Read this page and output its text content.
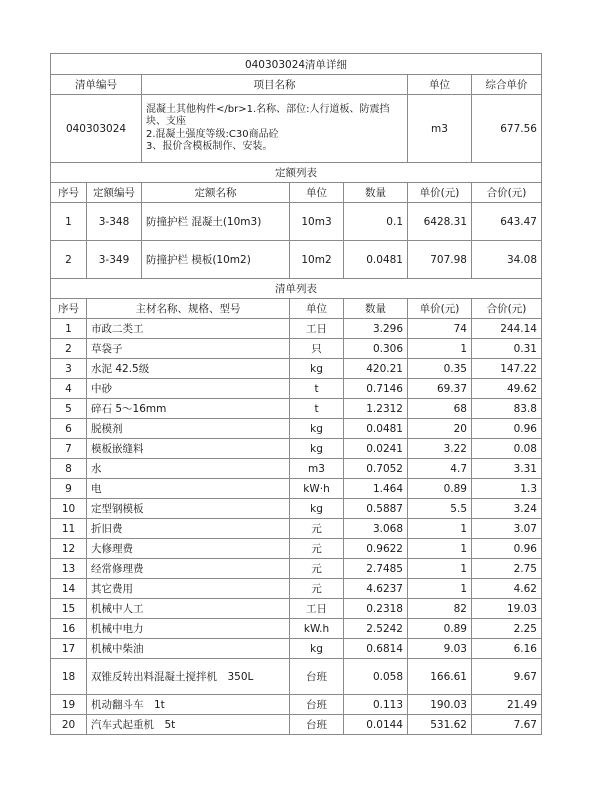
040303024清单详细						
清单编号		项目名称			单位	综合单价
040303024		混凝土其他构件</br>1.名称、部位:人行道板、防震挡块、支座
2.混凝土强度等级:C30商品砼
3、报价含模板制作、安装。			m3	677.56
定额列表						
序号	定额编号	定额名称	单位	数量	单价(元)	合价(元)
1	3-348	防撞护栏 混凝土(10m3)	10m3	0.1	6428.31	643.47
2	3-349	防撞护栏 模板(10m2)	10m2	0.0481	707.98	34.08
清单列表						
序号	主材名称、规格、型号		单位	数量	单价(元)	合价(元)
1	市政二类工		工日	3.296	74	244.14
2	草袋子		只	0.306	1	0.31
3	水泥 42.5级		kg	420.21	0.35	147.22
4	中砂		t	0.7146	69.37	49.62
5	碎石 5～16mm		t	1.2312	68	83.8
6	脱模剂		kg	0.0481	20	0.96
7	模板嵌缝料		kg	0.0241	3.22	0.08
8	水		m3	0.7052	4.7	3.31
9	电		kW·h	1.464	0.89	1.3
10	定型钢模板		kg	0.5887	5.5	3.24
11	折旧费		元	3.068	1	3.07
12	大修理费		元	0.9622	1	0.96
13	经常修理费		元	2.7485	1	2.75
14	其它费用		元	4.6237	1	4.62
15	机械中人工		工日	0.2318	82	19.03
16	机械中电力		kW.h	2.5242	0.89	2.25
17	机械中柴油		kg	0.6814	9.03	6.16
18	双锥反转出料混凝土搅拌机　350L		台班	0.058	166.61	9.67
19	机动翻斗车　1t		台班	0.113	190.03	21.49
20	汽车式起重机　5t		台班	0.0144	531.62	7.67
